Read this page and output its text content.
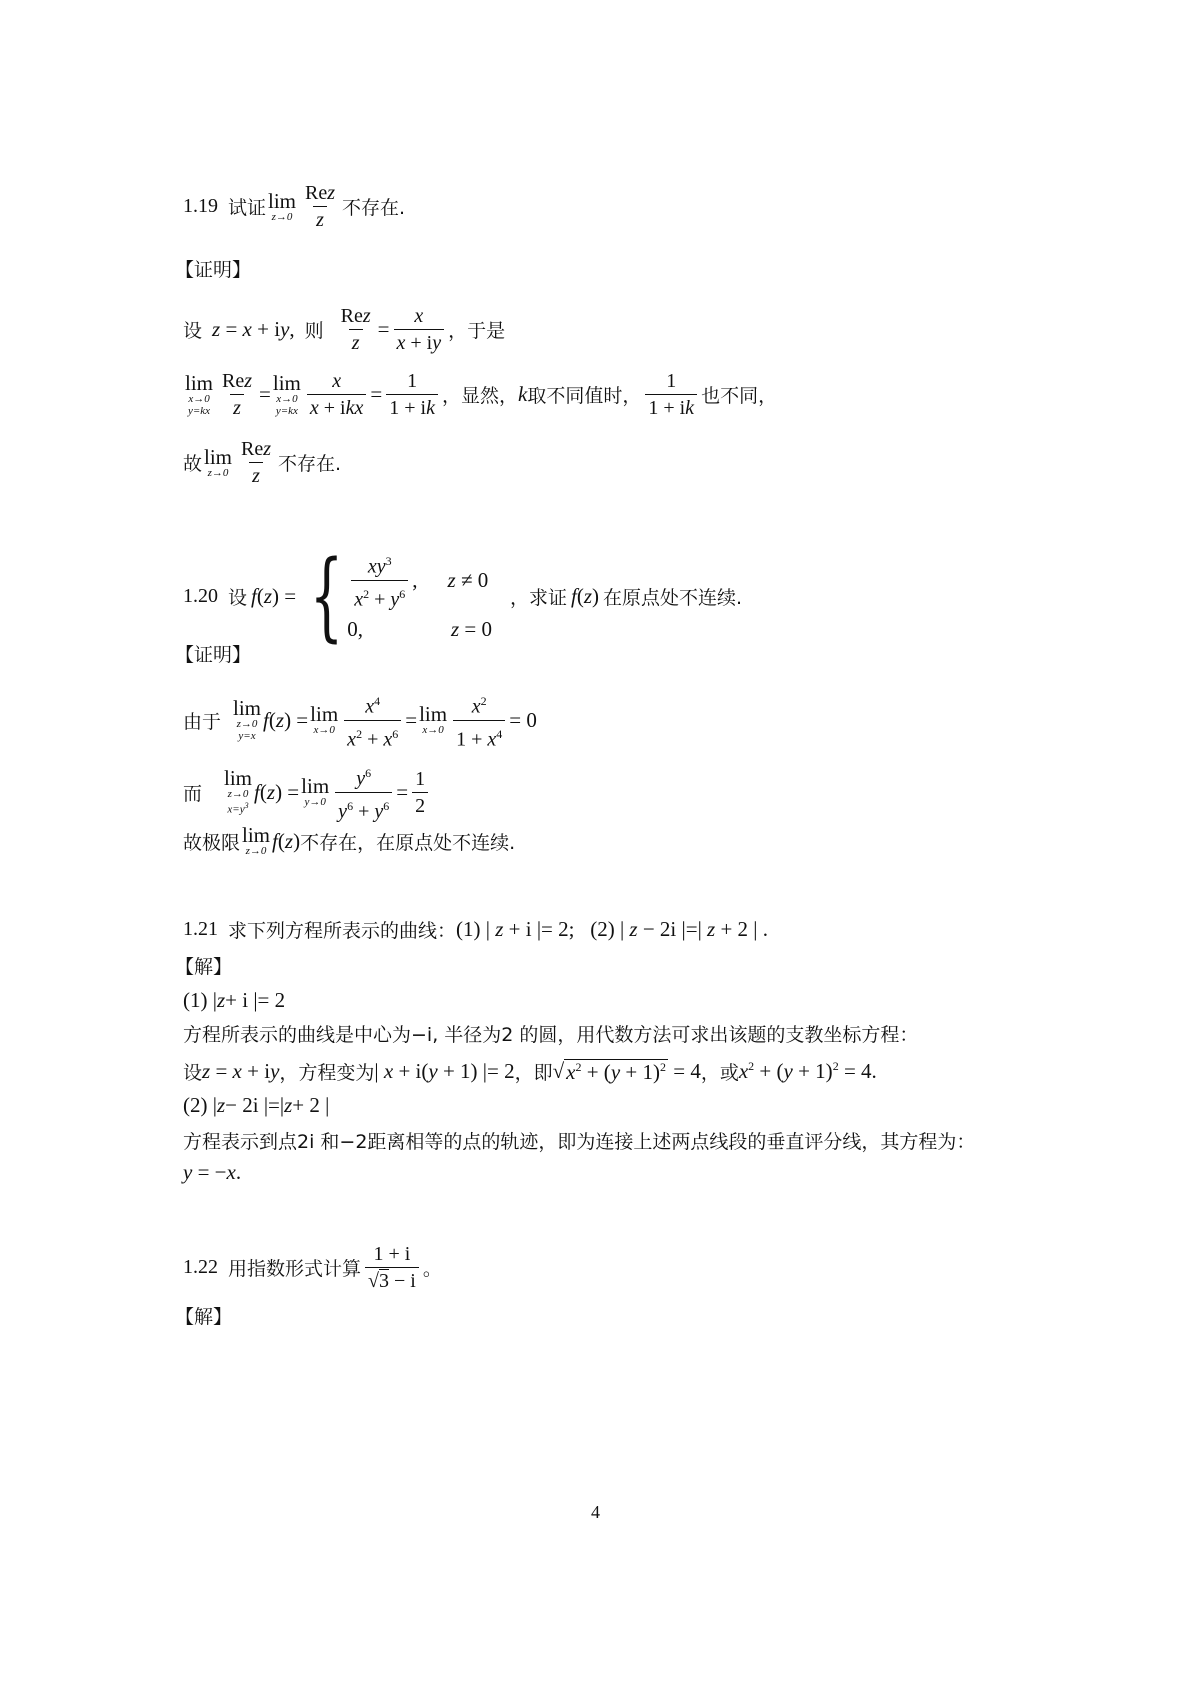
1.19 试证 lim
$z\to 0 \frac{\text{Rez}}{z}$ 不存在.
【证明】
设 z = x + iy, 则 $\frac{\text{Rez}}{z} = \frac{x}{x + iy}$ ，于是
lim
x→0
$y=kx \frac{\text{Rez}}{z} = \lim$
x→0
$y=kx \frac{x}{\text{x + ikx}} = \frac{1}{1 + ik}$ ，显然， k 取不同值时， $\frac{1}{1 + ik}$ 也不同，
故 lim
$z\to 0 \frac{\text{Rez}}{z}$ 不存在.
1.20 设 f(z) = { $\frac{xy^3}{x^2 + y^6}$ , z ≠ 0
0,	z = 0
，求证 f(z) 在原点处不连续.
【证明】
由于
lim
z→0
y=x
f(z) = lim
$x\to 0 \frac{x^4}{x^2 + x^6} = \lim$
$x\to 0 \frac{x^2}{1 + x^4} = 0$
而
lim
z→0
$x=y^3$
f(z) = lim
$y\to 0 \frac{y^6}{y^6 + y^6} = \frac{1}{2}$
故极限 lim
z→0 f(z) 不存在，在原点处不连续.
1.21 求下列方程所表示的曲线： (1) | z + i |= 2;   (2) | z − 2i |=| z + 2 | .
【解】
(1) | z + i |= 2
方程所表示的曲线是中心为−i, 半径为2 的圆，用代数方法可求出该题的支教坐标方程：
设 z = x + iy ，方程变为 | x + i(y + 1) |= 2 ，即 √ $x^2 + (y + 1)^2 = 4$ ，或 $x^2 + (y + 1)^2 = 4$.
(2) | z − 2i |=| z + 2 |
方程表示到点2i 和−2距离相等的点的轨迹，即为连接上述两点线段的垂直评分线，其方程为：
y = − x .
1.22 用指数形式计算 $\frac{1 + i}{√3 - i}$ 。
【解】
4
